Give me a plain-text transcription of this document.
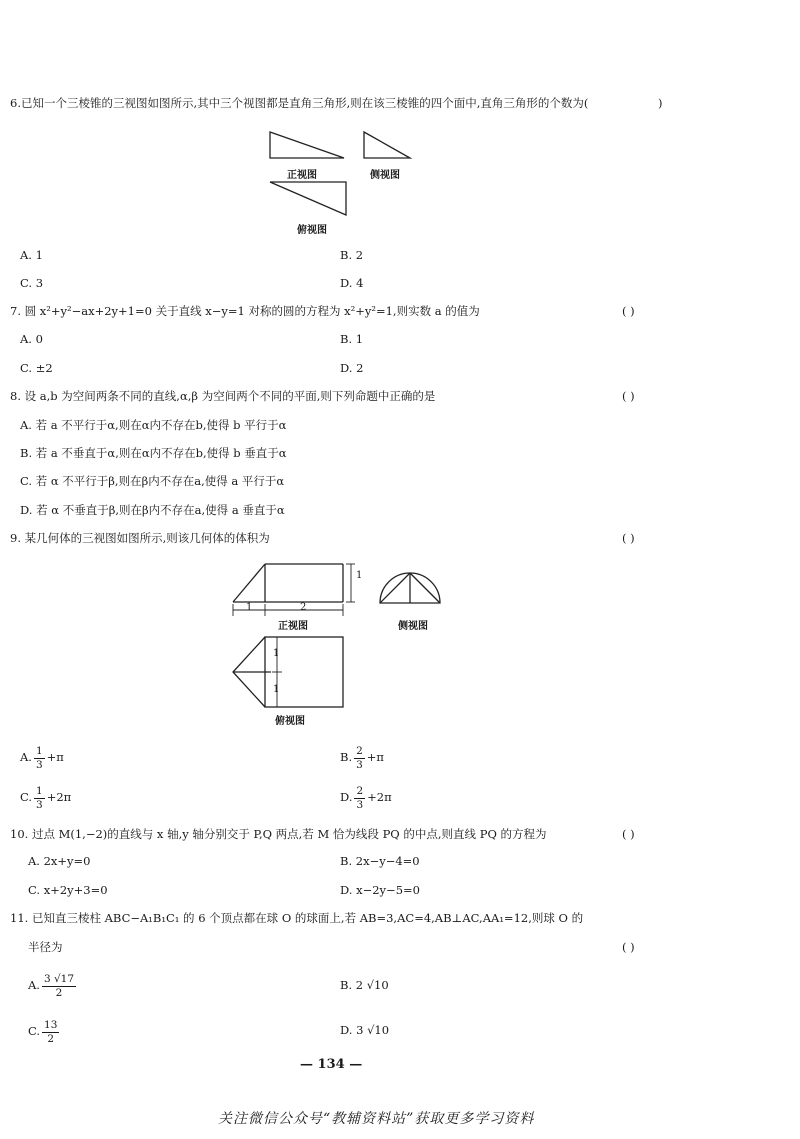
6.已知一个三棱锥的三视图如图所示,其中三个视图都是直角三角形,则在该三棱锥的四个面中,直角三角形的个数为(	)
正视图	侧视图
俯视图
A. 1	B. 2
C. 3	D. 4
7. 圆 x²+y²−ax+2y+1=0 关于直线 x−y=1 对称的圆的方程为 x²+y²=1,则实数 a 的值为	( )
A. 0	B. 1
C. ±2	D. 2
8. 设 a,b 为空间两条不同的直线,α,β 为空间两个不同的平面,则下列命题中正确的是	( )
A. 若 a 不平行于α,则在α内不存在b,使得 b 平行于α
B. 若 a 不垂直于α,则在α内不存在b,使得 b 垂直于α
C. 若 α 不平行于β,则在β内不存在a,使得 a 平行于α
D. 若 α 不垂直于β,则在β内不存在a,使得 a 垂直于α
9. 某几何体的三视图如图所示,则该几何体的体积为	( )
1	2
1
正视图	侧视图
1
1
俯视图
A. $\frac{1}{3} +\pi$	B. $\frac{2}{3} +\pi$
C. $\frac{1}{3} +2\pi$	D. $\frac{2}{3} +2\pi$
10. 过点 M(1,−2)的直线与 x 轴,y 轴分别交于 P,Q 两点,若 M 恰为线段 PQ 的中点,则直线 PQ 的方程为	( )
A. 2x+y=0	B. 2x−y−4=0
C. x+2y+3=0	D. x−2y−5=0
11. 已知直三棱柱 ABC−A₁B₁C₁ 的 6 个顶点都在球 O 的球面上,若 AB=3,AC=4,AB⊥AC,AA₁=12,则球 O 的
半径为	( )
A. $\frac{3 √17}{2}$	B. 2 √10
C. $\frac{13}{2}$	D. 3 √10
— 134 —
关注微信公众号“教辅资料站”获取更多学习资料
